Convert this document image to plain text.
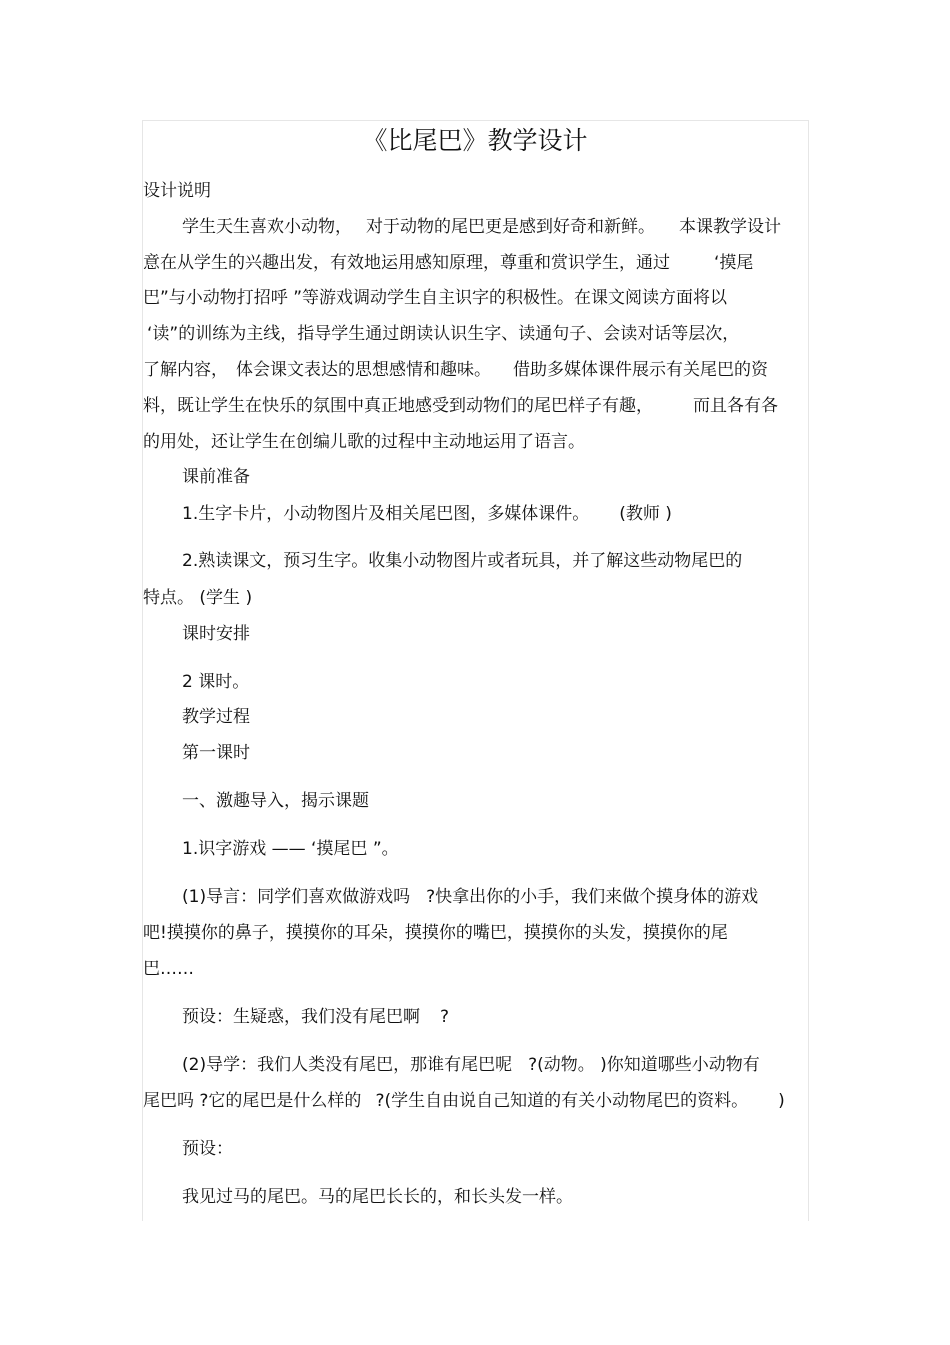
《比尾巴》教学设计
设计说明
学生天生喜欢小动物， 对于动物的尾巴更是感到好奇和新鲜。 本课教学设计
意在从学生的兴趣出发，有效地运用感知原理，尊重和赏识学生，通过	‘摸尾
巴”与小动物打招呼 ”等游戏调动学生自主识字的积极性。在课文阅读方面将以
‘读”的训练为主线，指导学生通过朗读认识生字、读通句子、会读对话等层次，
了解内容， 体会课文表达的思想感情和趣味。 借助多媒体课件展示有关尾巴的资
料，既让学生在快乐的氛围中真正地感受到动物们的尾巴样子有趣， 而且各有各
的用处，还让学生在创编儿歌的过程中主动地运用了语言。
课前准备
1.生字卡片，小动物图片及相关尾巴图，多媒体课件。 (教师 )
2.熟读课文，预习生字。收集小动物图片或者玩具，并了解这些动物尾巴的
特点。 (学生 )
课时安排
2 课时。
教学过程
第一课时
一、激趣导入，揭示课题
1.识字游戏 —— ‘摸尾巴 ”。
(1)导言：同学们喜欢做游戏吗 ?快拿出你的小手，我们来做个摸身体的游戏
吧!摸摸你的鼻子，摸摸你的耳朵，摸摸你的嘴巴，摸摸你的头发，摸摸你的尾
巴……
预设：生疑惑，我们没有尾巴啊 ?
(2)导学：我们人类没有尾巴，那谁有尾巴呢 ?(动物。 )你知道哪些小动物有
尾巴吗 ?它的尾巴是什么样的 ?(学生自由说自己知道的有关小动物尾巴的资料。 )
预设：
我见过马的尾巴。马的尾巴长长的，和长头发一样。
